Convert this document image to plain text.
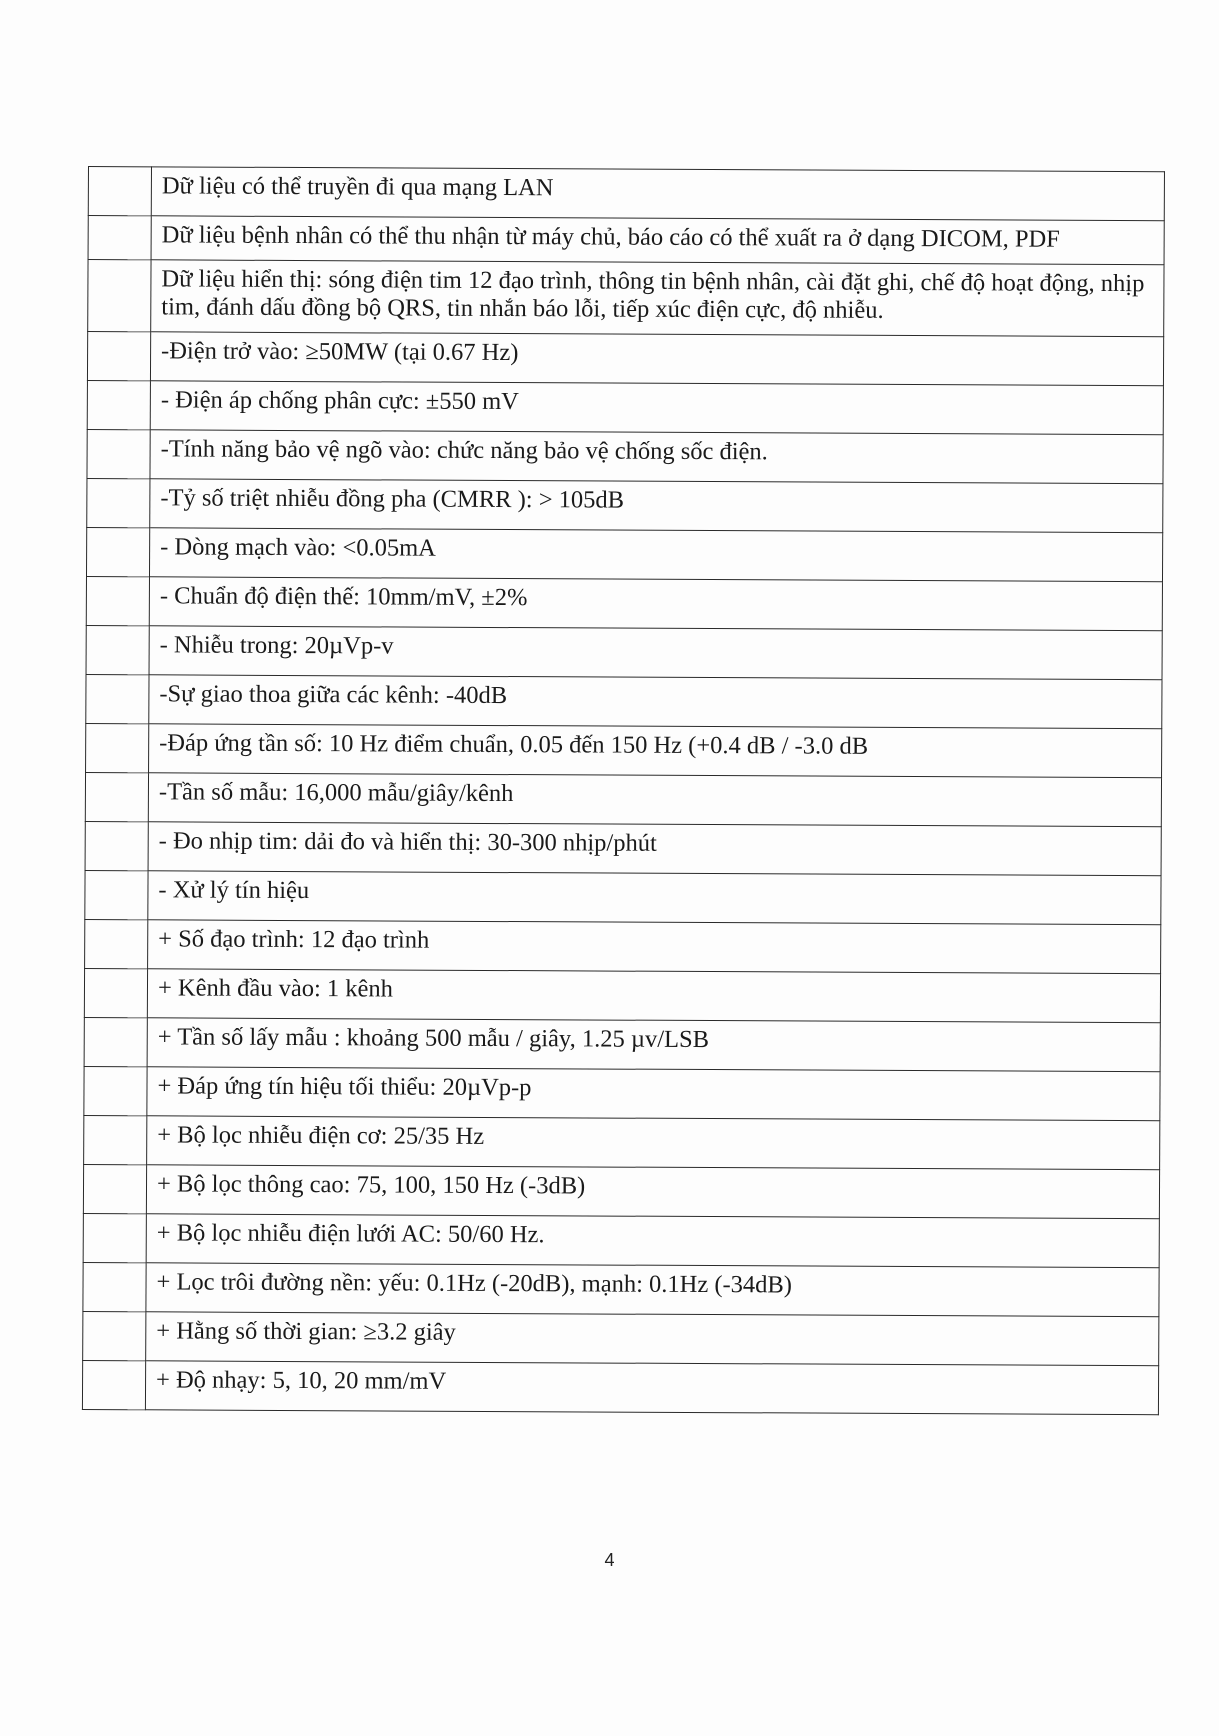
	Dữ liệu có thể truyền đi qua mạng LAN
	Dữ liệu bệnh nhân có thể thu nhận từ máy chủ, báo cáo có thể xuất ra ở dạng DICOM, PDF
	Dữ liệu hiển thị: sóng điện tim 12 đạo trình, thông tin bệnh nhân, cài đặt ghi, chế độ hoạt động, nhịp tim, đánh dấu đồng bộ QRS, tin nhắn báo lỗi, tiếp xúc điện cực, độ nhiễu.
	-Điện trở vào: ≥50MW (tại 0.67 Hz)
	- Điện áp chống phân cực: ±550 mV
	-Tính năng bảo vệ ngõ vào: chức năng bảo vệ chống sốc điện.
	-Tỷ số triệt nhiễu đồng pha (CMRR ): > 105dB
	- Dòng mạch vào: <0.05mA
	- Chuẩn độ điện thế: 10mm/mV, ±2%
	- Nhiễu trong: 20µVp-v
	-Sự giao thoa giữa các kênh: -40dB
	-Đáp ứng tần số: 10 Hz điểm chuẩn, 0.05 đến 150 Hz (+0.4 dB / -3.0 dB
	-Tần số mẫu: 16,000 mẫu/giây/kênh
	- Đo nhịp tim: dải đo và hiển thị: 30-300 nhịp/phút
	- Xử lý tín hiệu
	+ Số đạo trình: 12 đạo trình
	+ Kênh đầu vào: 1 kênh
	+ Tần số lấy mẫu : khoảng 500 mẫu / giây, 1.25 µv/LSB
	+ Đáp ứng tín hiệu tối thiểu: 20µVp-p
	+ Bộ lọc nhiễu điện cơ: 25/35 Hz
	+ Bộ lọc thông cao: 75, 100, 150 Hz (-3dB)
	+ Bộ lọc nhiễu điện lưới AC: 50/60 Hz.
	+ Lọc trôi đường nền: yếu: 0.1Hz (-20dB), mạnh: 0.1Hz (-34dB)
	+ Hằng số thời gian: ≥3.2 giây
	+ Độ nhạy: 5, 10, 20 mm/mV
4
